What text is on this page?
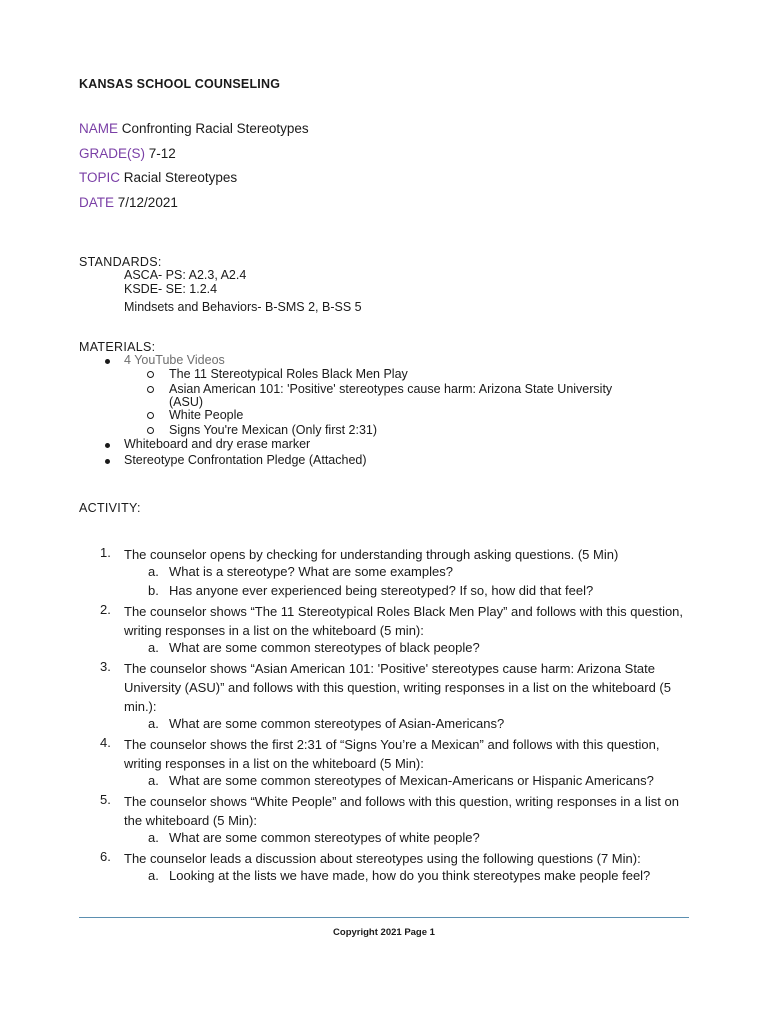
KANSAS SCHOOL COUNSELING
NAME Confronting Racial Stereotypes
GRADE(S) 7-12
TOPIC Racial Stereotypes
DATE 7/12/2021
STANDARDS:
ASCA- PS: A2.3, A2.4
KSDE- SE: 1.2.4
Mindsets and Behaviors- B-SMS 2, B-SS 5
MATERIALS:
4 YouTube Videos
The 11 Stereotypical Roles Black Men Play
Asian American 101: 'Positive' stereotypes cause harm: Arizona State University
(ASU)
White People
Signs You're Mexican (Only first 2:31)
Whiteboard and dry erase marker
Stereotype Confrontation Pledge (Attached)
ACTIVITY:
1. The counselor opens by checking for understanding through asking questions. (5 Min)
a. What is a stereotype? What are some examples?
b. Has anyone ever experienced being stereotyped? If so, how did that feel?
2. The counselor shows “The 11 Stereotypical Roles Black Men Play” and follows with this question, writing responses in a list on the whiteboard (5 min):
a. What are some common stereotypes of black people?
3. The counselor shows “Asian American 101: 'Positive' stereotypes cause harm: Arizona State University (ASU)” and follows with this question, writing responses in a list on the whiteboard (5 min.):
a. What are some common stereotypes of Asian-Americans?
4. The counselor shows the first 2:31 of “Signs You’re a Mexican” and follows with this question, writing responses in a list on the whiteboard (5 Min):
a. What are some common stereotypes of Mexican-Americans or Hispanic Americans?
5. The counselor shows “White People” and follows with this question, writing responses in a list on the whiteboard (5 Min):
a. What are some common stereotypes of white people?
6. The counselor leads a discussion about stereotypes using the following questions (7 Min):
a. Looking at the lists we have made, how do you think stereotypes make people feel?
Copyright 2021 Page 1
